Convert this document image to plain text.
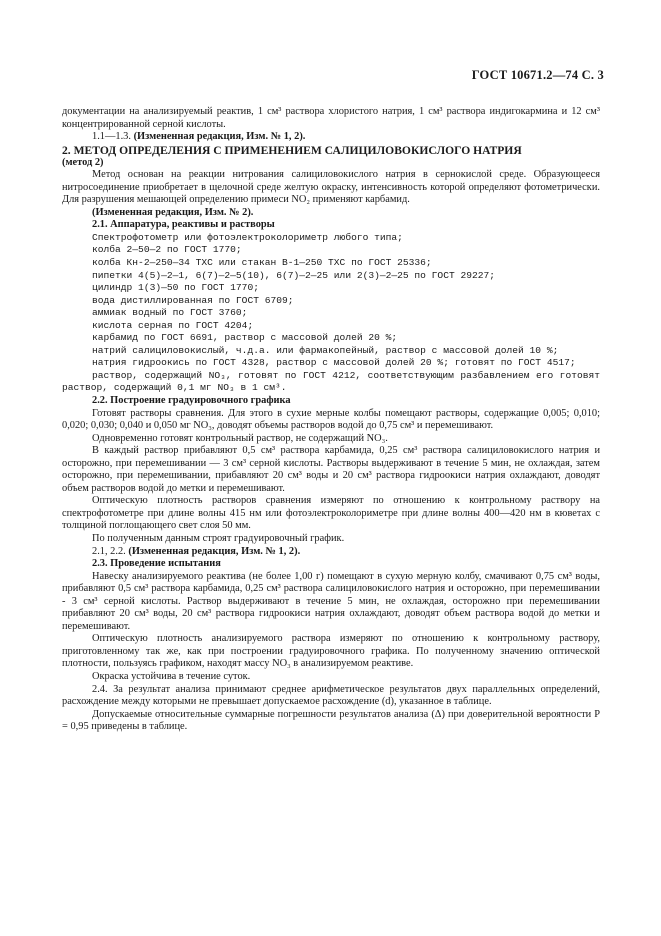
ГОСТ 10671.2—74 С. 3

документации на анализируемый реактив, 1 см³ раствора хлористого натрия, 1 см³ раствора индигокармина и 12 см³ концентрированной серной кислоты.

1.1—1.3. (Измененная редакция, Изм. № 1, 2).

2. МЕТОД ОПРЕДЕЛЕНИЯ С ПРИМЕНЕНИЕМ САЛИЦИЛОВОКИСЛОГО НАТРИЯ

(метод 2)

Метод основан на реакции нитрования салициловокислого натрия в сернокислой среде. Образующееся нитросоединение приобретает в щелочной среде желтую окраску, интенсивность которой определяют фотометрически. Для разрушения мешающей определению примеси NO₂ применяют карбамид.

(Измененная редакция, Изм. № 2).

2.1. Аппаратура, реактивы и растворы

Спектрофотометр или фотоэлектроколориметр любого типа;

колба 2—50—2 по ГОСТ 1770;

колба Кн-2—250—34 ТХС или стакан В-1—250 ТХС по ГОСТ 25336;

пипетки 4(5)—2—1, 6(7)—2—5(10), 6(7)—2—25 или 2(3)—2—25 по ГОСТ 29227;

цилиндр 1(3)—50 по ГОСТ 1770;

вода дистиллированная по ГОСТ 6709;

аммиак водный по ГОСТ 3760;

кислота серная по ГОСТ 4204;

карбамид по ГОСТ 6691, раствор с массовой долей 20 %;

натрий салициловокислый, ч.д.а. или фармакопейный, раствор с массовой долей 10 %;

натрия гидроокись по ГОСТ 4328, раствор с массовой долей 20 %; готовят по ГОСТ 4517;

раствор, содержащий NO₃, готовят по ГОСТ 4212, соответствующим разбавлением его готовят раствор, содержащий 0,1 мг NO₃ в 1 см³.

2.2. Построение градуировочного графика

Готовят растворы сравнения. Для этого в сухие мерные колбы помещают растворы, содержащие 0,005; 0,010; 0,020; 0,030; 0,040 и 0,050 мг NO₃, доводят объемы растворов водой до 0,75 см³ и перемешивают.

Одновременно готовят контрольный раствор, не содержащий NO₃.

В каждый раствор прибавляют 0,5 см³ раствора карбамида, 0,25 см³ раствора салициловокислого натрия и осторожно, при перемешивании — 3 см³ серной кислоты. Растворы выдерживают в течение 5 мин, не охлаждая, затем осторожно, при перемешивании, прибавляют 20 см³ воды и 20 см³ раствора гидроокиси натрия охлаждают, доводят объем растворов водой до метки и перемешивают.

Оптическую плотность растворов сравнения измеряют по отношению к контрольному раствору на спектрофотометре при длине волны 415 нм или фотоэлектроколориметре при длине волны 400—420 нм в кюветах с толщиной поглощающего свет слоя 50 мм.

По полученным данным строят градуировочный график.

2.1, 2.2. (Измененная редакция, Изм. № 1, 2).

2.3. Проведение испытания

Навеску анализируемого реактива (не более 1,00 г) помещают в сухую мерную колбу, смачивают 0,75 см³ воды, прибавляют 0,5 см³ раствора карбамида, 0,25 см³ раствора салициловокислого натрия и осторожно, при перемешивании - 3 см³ серной кислоты. Раствор выдерживают в течение 5 мин, не охлаждая, осторожно при перемешивании прибавляют 20 см³ воды, 20 см³ раствора гидроокиси натрия охлаждают, доводят объем раствора водой до метки и перемешивают.

Оптическую плотность анализируемого раствора измеряют по отношению к контрольному раствору, приготовленному так же, как при построении градуировочного графика. По полученному значению оптической плотности, пользуясь графиком, находят массу NO₃ в анализируемом реактиве.

Окраска устойчива в течение суток.

2.4. За результат анализа принимают среднее арифметическое результатов двух параллельных определений, расхождение между которыми не превышает допускаемое расхождение (d), указанное в таблице.

Допускаемые относительные суммарные погрешности результатов анализа (Δ) при доверительной вероятности P = 0,95 приведены в таблице.
